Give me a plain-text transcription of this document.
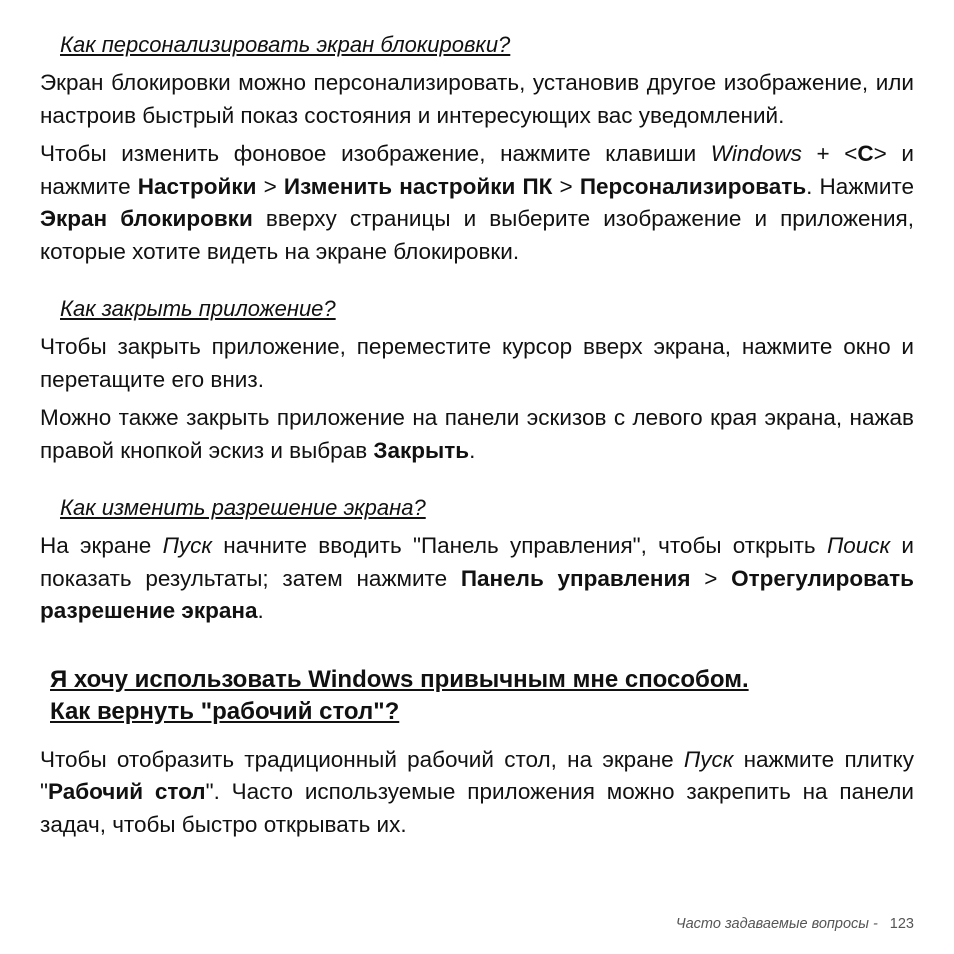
Как персонализировать экран блокировки?

Экран блокировки можно персонализировать, установив другое изображение, или настроив быстрый показ состояния и интересующих вас уведомлений.

Чтобы изменить фоновое изображение, нажмите клавиши Windows + <C> и нажмите Настройки > Изменить настройки ПК > Персонализировать. Нажмите Экран блокировки вверху страницы и выберите изображение и приложения, которые хотите видеть на экране блокировки.

Как закрыть приложение?

Чтобы закрыть приложение, переместите курсор вверх экрана, нажмите окно и перетащите его вниз.

Можно также закрыть приложение на панели эскизов с левого края экрана, нажав правой кнопкой эскиз и выбрав Закрыть.

Как изменить разрешение экрана?

На экране Пуск начните вводить "Панель управления", чтобы открыть Поиск и показать результаты; затем нажмите Панель управления > Отрегулировать разрешение экрана.

Я хочу использовать Windows привычным мне способом.
Как вернуть "рабочий стол"?

Чтобы отобразить традиционный рабочий стол, на экране Пуск нажмите плитку "Рабочий стол". Часто используемые приложения можно закрепить на панели задач, чтобы быстро открывать их.

Часто задаваемые вопросы - 123
